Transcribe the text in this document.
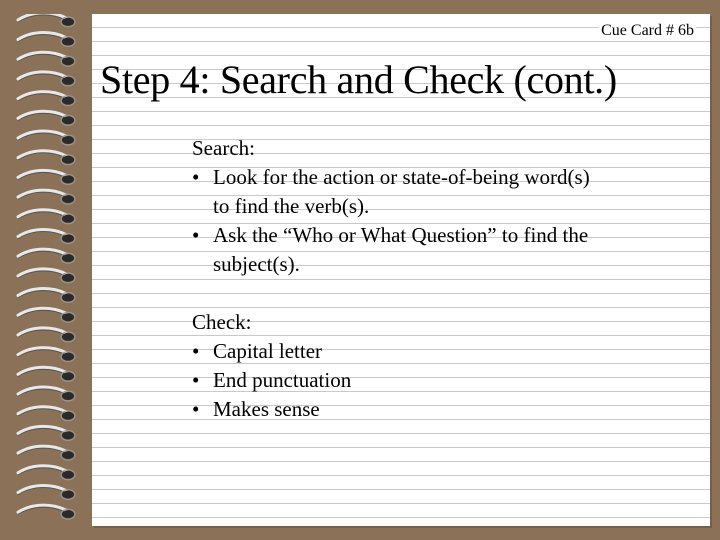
Cue Card # 6b
Step 4: Search and Check (cont.)
Search:
• Look for the action or state-of-being word(s)
to find the verb(s).
• Ask the “Who or What Question” to find the
subject(s).
Check:
• Capital letter
• End punctuation
• Makes sense
